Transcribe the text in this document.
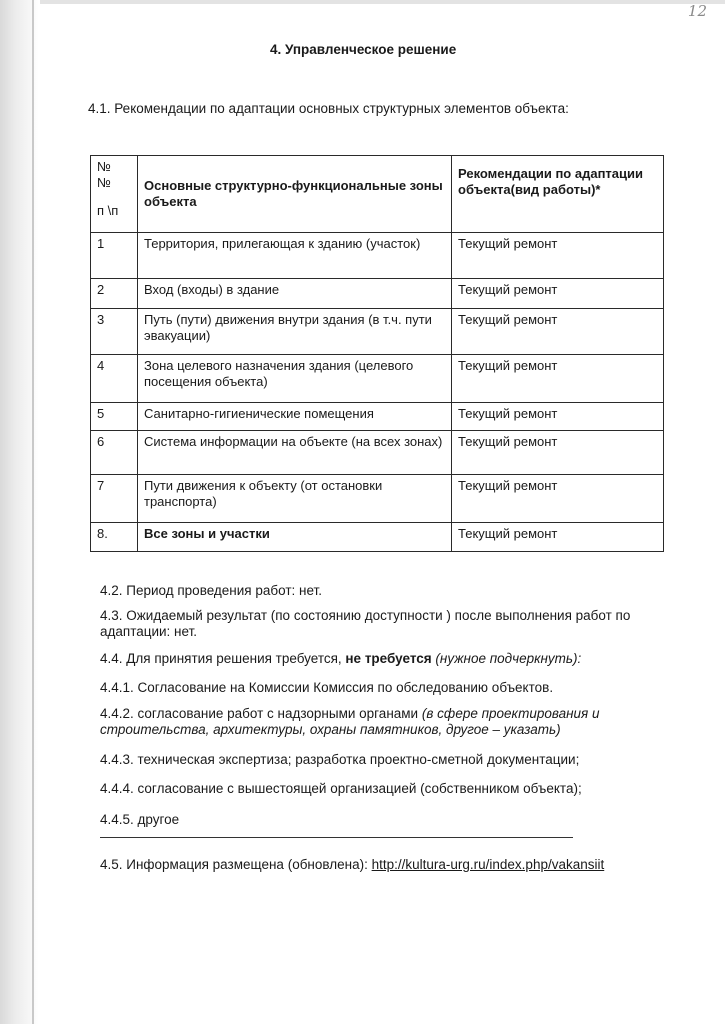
12
4. Управленческое решение

4.1. Рекомендации по адаптации основных структурных элементов объекта:

№
№
п \п	Основные структурно-функциональные зоны объекта	Рекомендации по адаптации объекта(вид работы)*
1	Территория, прилегающая к зданию (участок)	Текущий ремонт
2	Вход (входы) в здание	Текущий ремонт
3	Путь (пути) движения внутри здания (в т.ч. пути эвакуации)	Текущий ремонт
4	Зона целевого назначения здания (целевого посещения объекта)	Текущий ремонт
5	Санитарно-гигиенические помещения	Текущий ремонт
6	Система информации на объекте (на всех зонах)	Текущий ремонт
7	Пути движения к объекту (от остановки транспорта)	Текущий ремонт
8.	Все зоны и участки	Текущий ремонт

4.2. Период проведения работ: нет.

4.3. Ожидаемый результат (по состоянию доступности ) после выполнения работ по адаптации: нет.

4.4. Для принятия решения требуется, не требуется (нужное подчеркнуть):

4.4.1. Согласование на Комиссии Комиссия по обследованию объектов.

4.4.2. согласование работ с надзорными органами (в сфере проектирования и строительства, архитектуры, охраны памятников, другое – указать)

4.4.3. техническая экспертиза; разработка проектно-сметной документации;

4.4.4. согласование с вышестоящей организацией (собственником объекта);

4.4.5. другое

4.5. Информация размещена (обновлена): http://kultura-urg.ru/index.php/vakansiit
